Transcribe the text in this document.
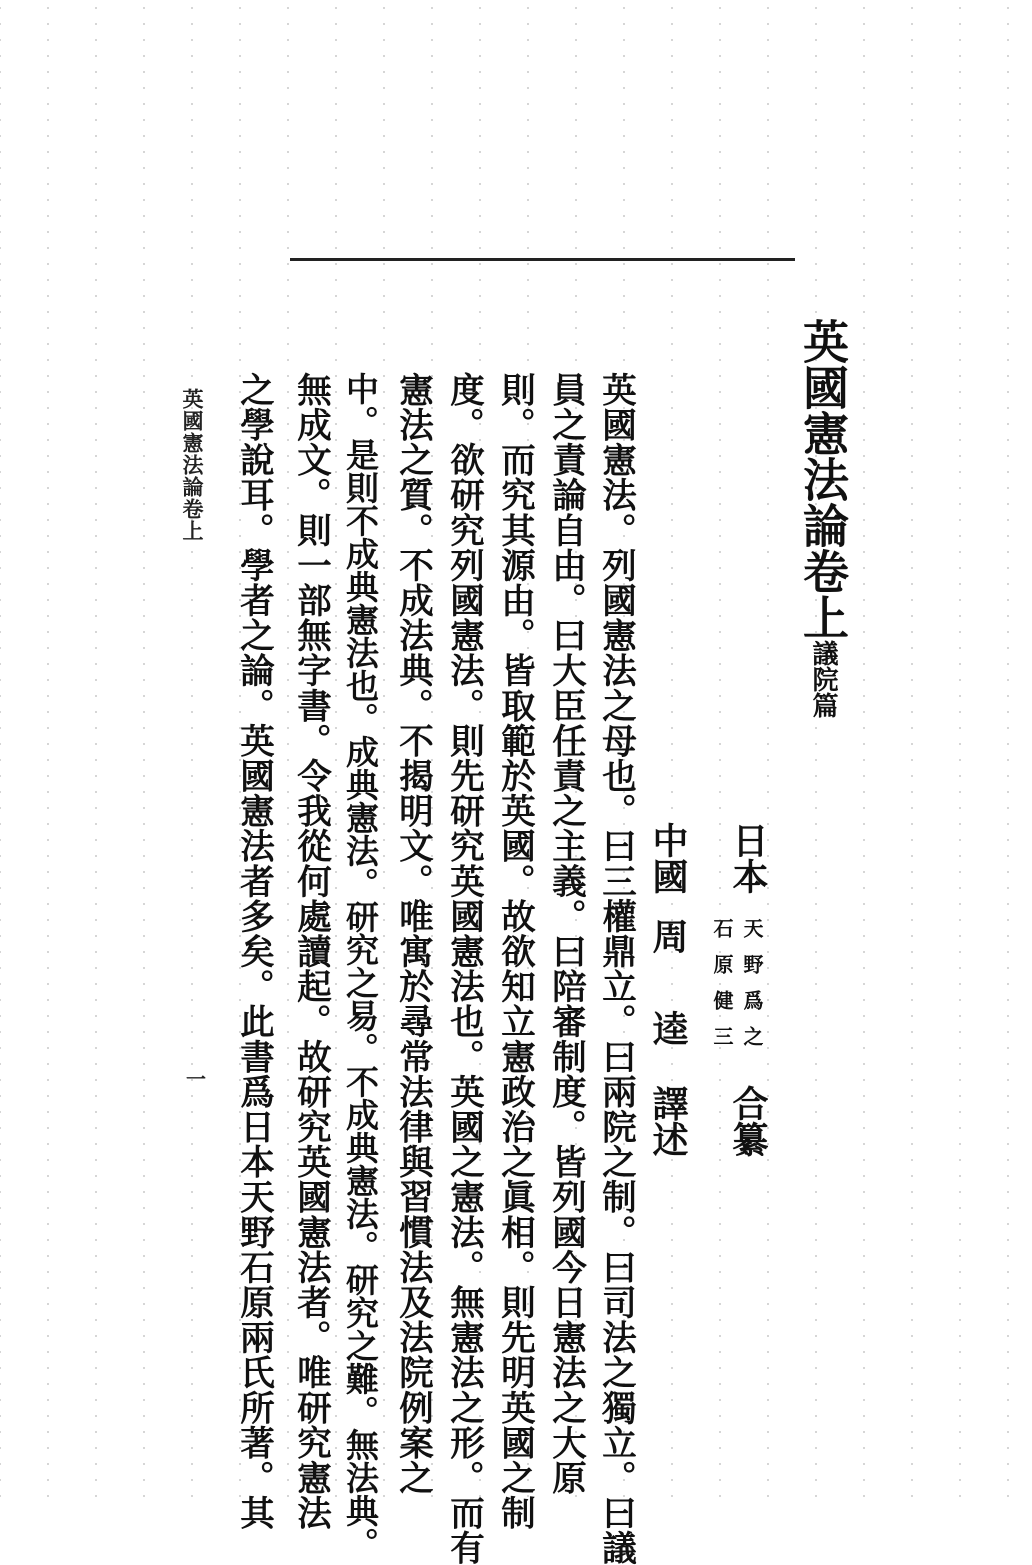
英國憲法論卷上議院篇
日本
天野爲之
石原健三
合纂
中國
周
逵
譯述
英國憲法。列國憲法之母也。曰三權鼎立。曰兩院之制。曰司法之獨立。曰議
員之責論自由。曰大臣任責之主義。曰陪審制度。皆列國今日憲法之大原
則。而究其源由。皆取範於英國。故欲知立憲政治之眞相。則先明英國之制
度。欲研究列國憲法。則先研究英國憲法也。英國之憲法。無憲法之形。而有
憲法之質。不成法典。不揭明文。唯寓於尋常法律與習慣法及法院例案之
中。是則不成典憲法也。成典憲法。研究之易。不成典憲法。研究之難。無法典。
無成文。則一部無字書。令我從何處讀起。故研究英國憲法者。唯研究憲法
之學說耳。學者之論。英國憲法者多矣。此書爲日本天野石原兩氏所著。其
英國憲法論卷上
一
